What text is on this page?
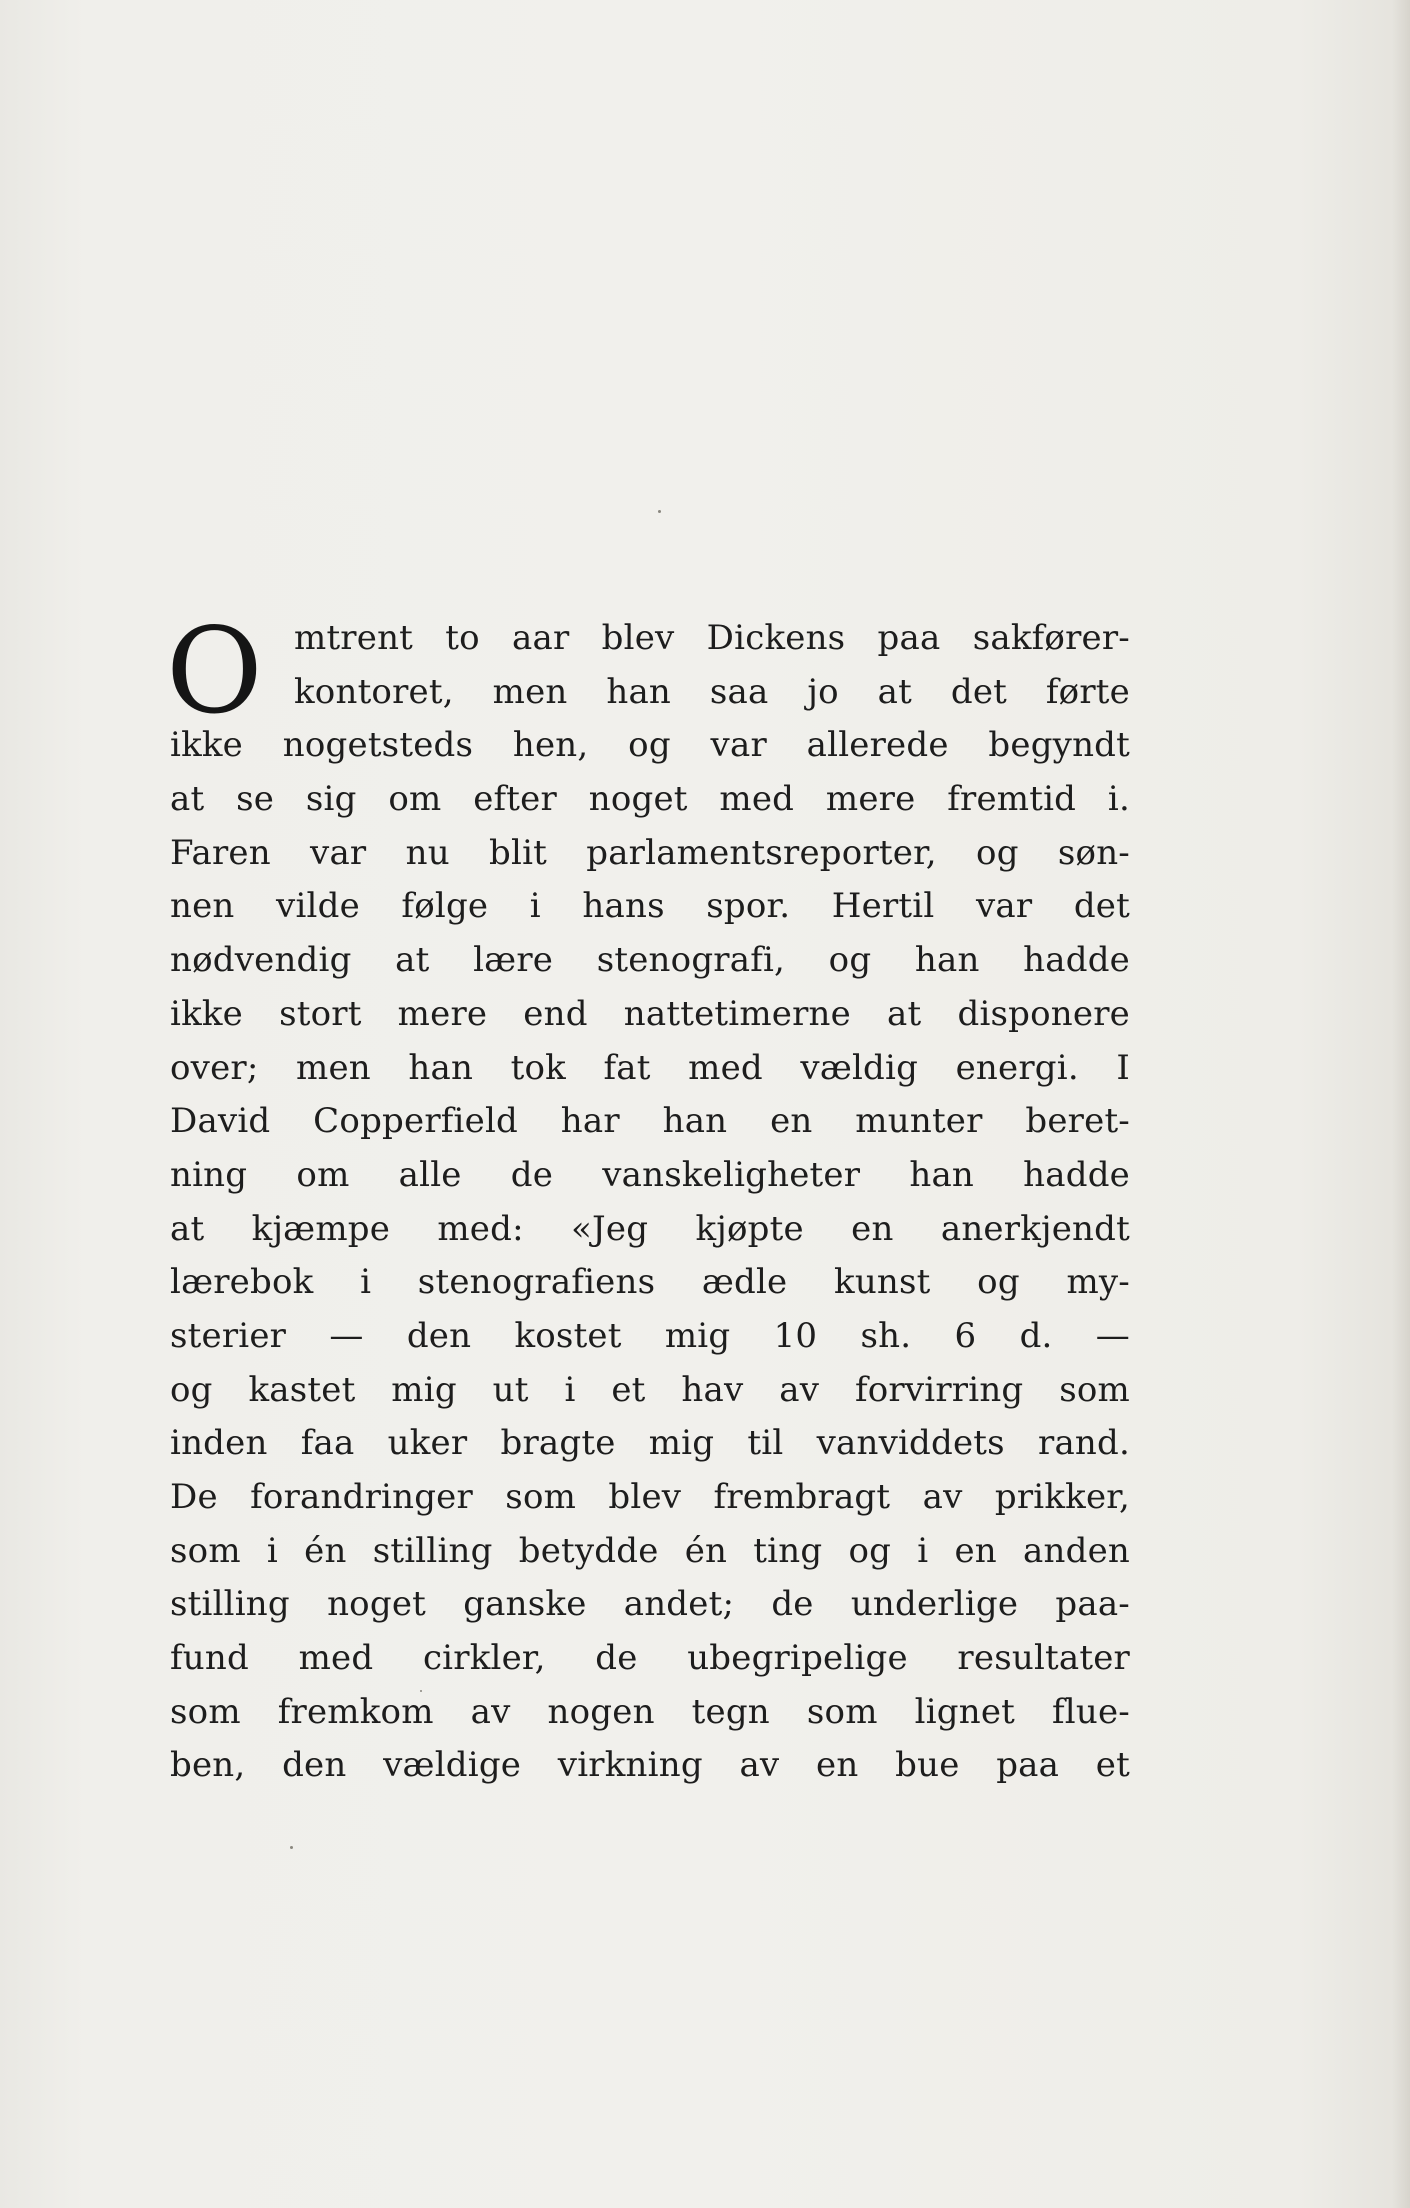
O mtrent to aar blev Dickens paa sakfører-
kontoret, men han saa jo at det førte
ikke nogetsteds hen, og var allerede begyndt
at se sig om efter noget med mere fremtid i.
Faren var nu blit parlamentsreporter, og søn-
nen vilde følge i hans spor. Hertil var det
nødvendig at lære stenografi, og han hadde
ikke stort mere end nattetimerne at disponere
over; men han tok fat med vældig energi. I
David Copperfield har han en munter beret-
ning om alle de vanskeligheter han hadde
at kjæmpe med: «Jeg kjøpte en anerkjendt
lærebok i stenografiens ædle kunst og my-
sterier — den kostet mig 10 sh. 6 d. —
og kastet mig ut i et hav av forvirring som
inden faa uker bragte mig til vanviddets rand.
De forandringer som blev frembragt av prikker,
som i én stilling betydde én ting og i en anden
stilling noget ganske andet; de underlige paa-
fund med cirkler, de ubegripelige resultater
som fremkom av nogen tegn som lignet flue-
ben, den vældige virkning av en bue paa et
